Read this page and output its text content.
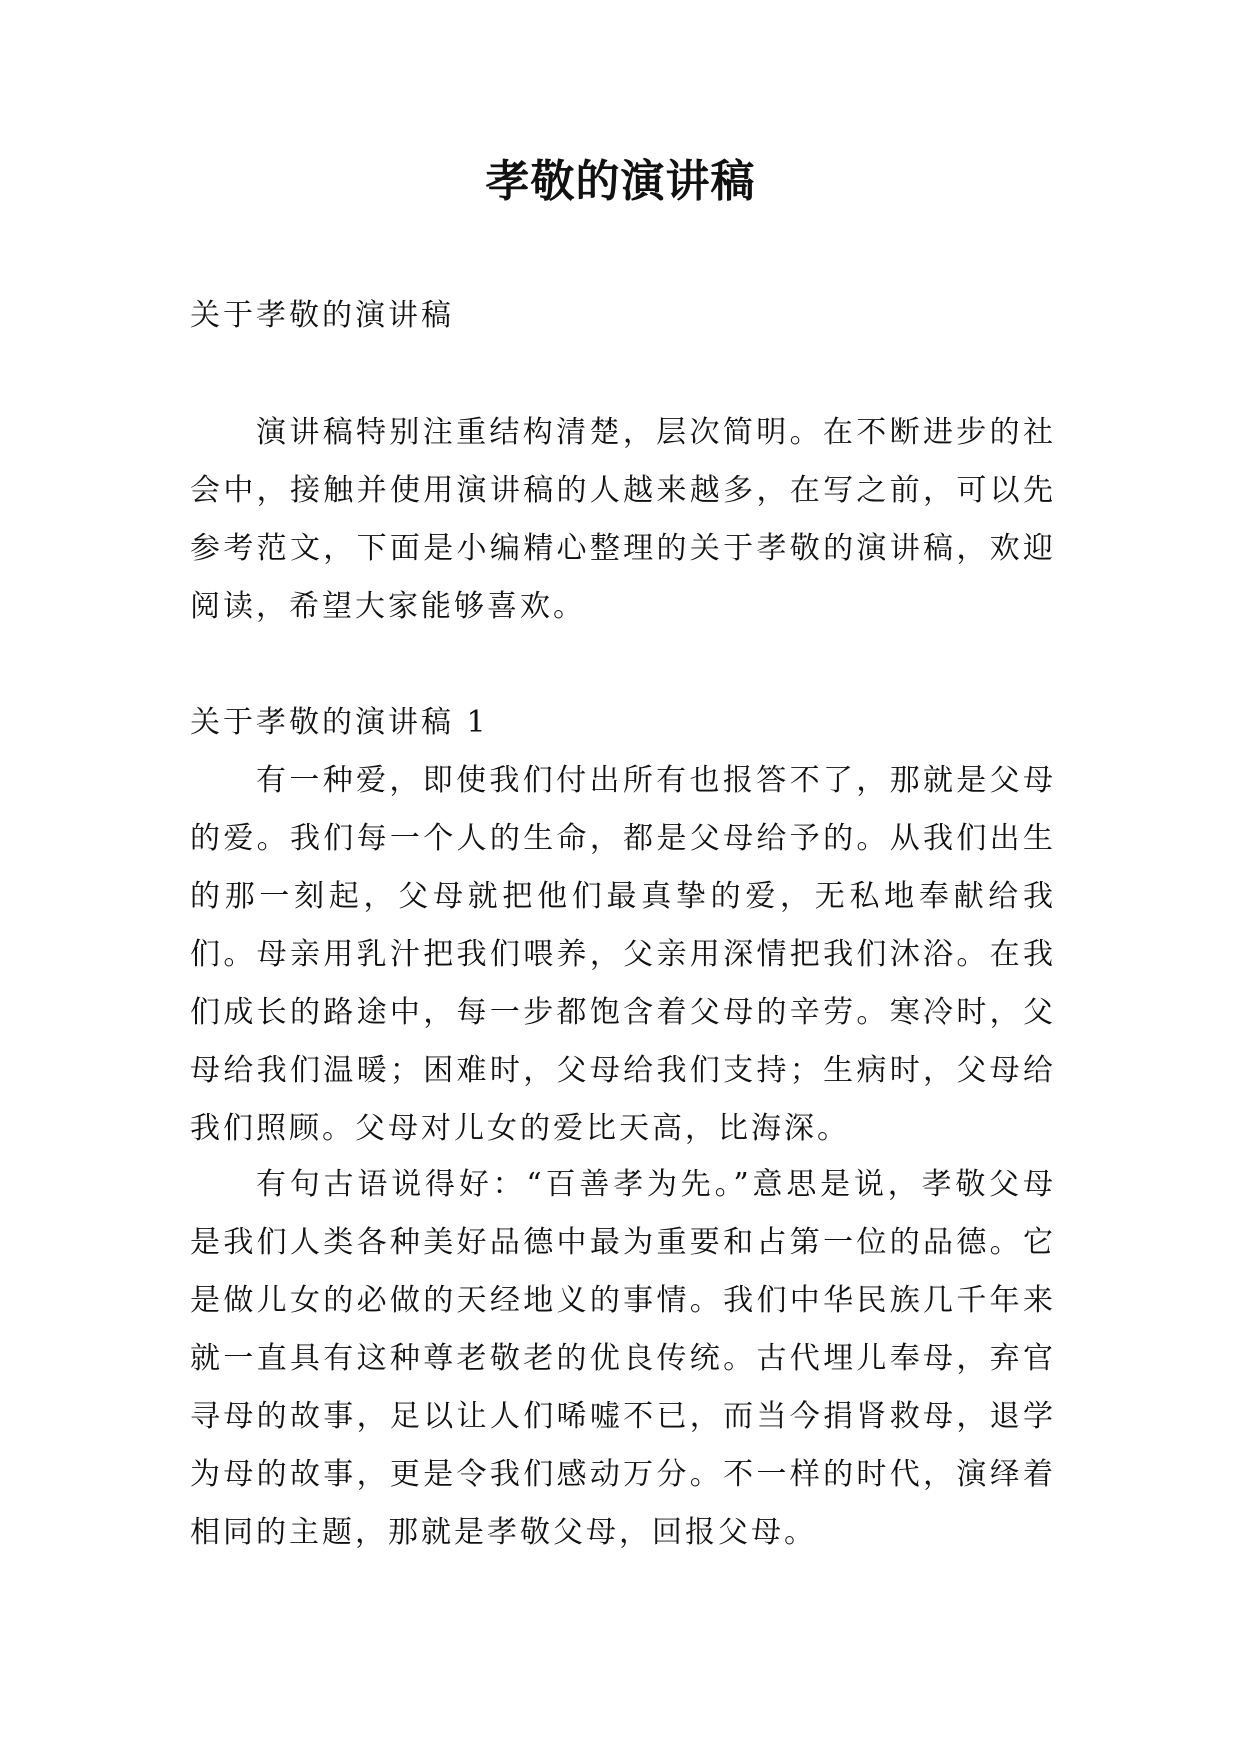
孝敬的演讲稿

关于孝敬的演讲稿

演讲稿特别注重结构清楚，层次简明。在不断进步的社会中，接触并使用演讲稿的人越来越多，在写之前，可以先参考范文，下面是小编精心整理的关于孝敬的演讲稿，欢迎阅读，希望大家能够喜欢。

关于孝敬的演讲稿 1

有一种爱，即使我们付出所有也报答不了，那就是父母的爱。我们每一个人的生命，都是父母给予的。从我们出生的那一刻起，父母就把他们最真挚的爱，无私地奉献给我们。母亲用乳汁把我们喂养，父亲用深情把我们沐浴。在我们成长的路途中，每一步都饱含着父母的辛劳。寒冷时，父母给我们温暖；困难时，父母给我们支持；生病时，父母给我们照顾。父母对儿女的爱比天高，比海深。

有句古语说得好：“百善孝为先。”意思是说，孝敬父母是我们人类各种美好品德中最为重要和占第一位的品德。它是做儿女的必做的天经地义的事情。我们中华民族几千年来就一直具有这种尊老敬老的优良传统。古代埋儿奉母，弃官寻母的故事，足以让人们唏嘘不已，而当今捐肾救母，退学为母的故事，更是令我们感动万分。不一样的时代，演绎着相同的主题，那就是孝敬父母，回报父母。
